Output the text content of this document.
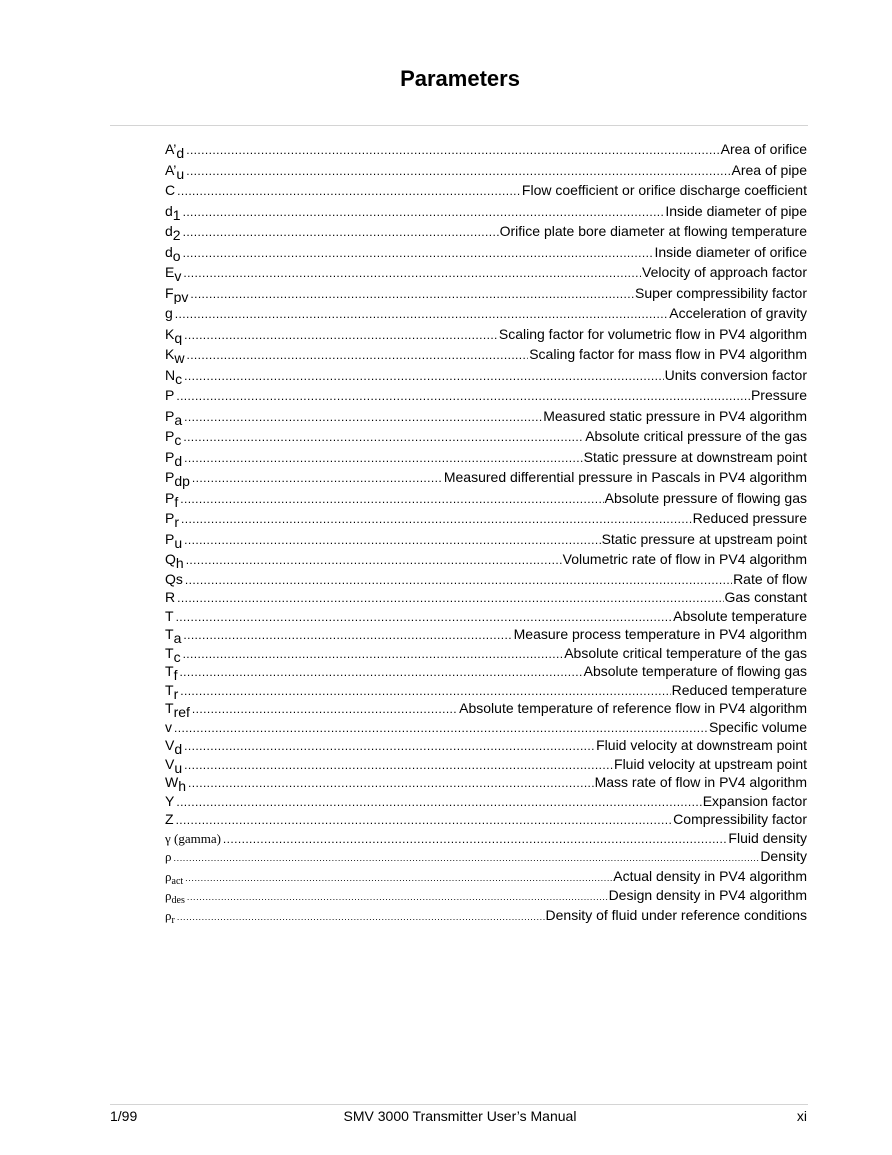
Parameters
A’d .....	Area of orifice
A’u .....	Area of pipe
C .....	Flow coefficient or orifice discharge coefficient
d1 .....	Inside diameter of pipe
d2 .....	Orifice plate bore diameter at flowing temperature
do .....	Inside diameter of orifice
Ev .....	Velocity of approach factor
Fpv .....	Super compressibility factor
g .....	Acceleration of gravity
Kq .....	Scaling factor for volumetric flow in PV4 algorithm
Kw .....	Scaling factor for mass flow in PV4 algorithm
Nc .....	Units conversion factor
P .....	Pressure
Pa .....	Measured static pressure in PV4 algorithm
Pc .....	Absolute critical pressure of the gas
Pd .....	Static pressure at downstream point
Pdp .....	Measured differential pressure in Pascals in PV4 algorithm
Pf .....	Absolute pressure of flowing gas
Pr .....	Reduced pressure
Pu .....	Static pressure at upstream point
Qh .....	Volumetric rate of flow in PV4 algorithm
Qs .....	Rate of flow
R .....	Gas constant
T .....	Absolute temperature
Ta .....	Measure process temperature in PV4 algorithm
Tc .....	Absolute critical temperature of the gas
Tf .....	Absolute temperature of flowing gas
Tr .....	Reduced temperature
Tref .....	Absolute temperature of reference flow in PV4 algorithm
v .....	Specific volume
Vd .....	Fluid velocity at downstream point
Vu .....	Fluid velocity at upstream point
Wh .....	Mass rate of flow in PV4 algorithm
Y .....	Expansion factor
Z .....	Compressibility factor
γ (gamma) .....	Fluid density
ρ .....	Density
$\rho_{act}$ .....	Actual density in PV4 algorithm
$\rho_{des}$ .....	Design density in PV4 algorithm
$\rho_r$ .....	Density of fluid under reference conditions
1/99	SMV 3000 Transmitter User’s Manual	xi
